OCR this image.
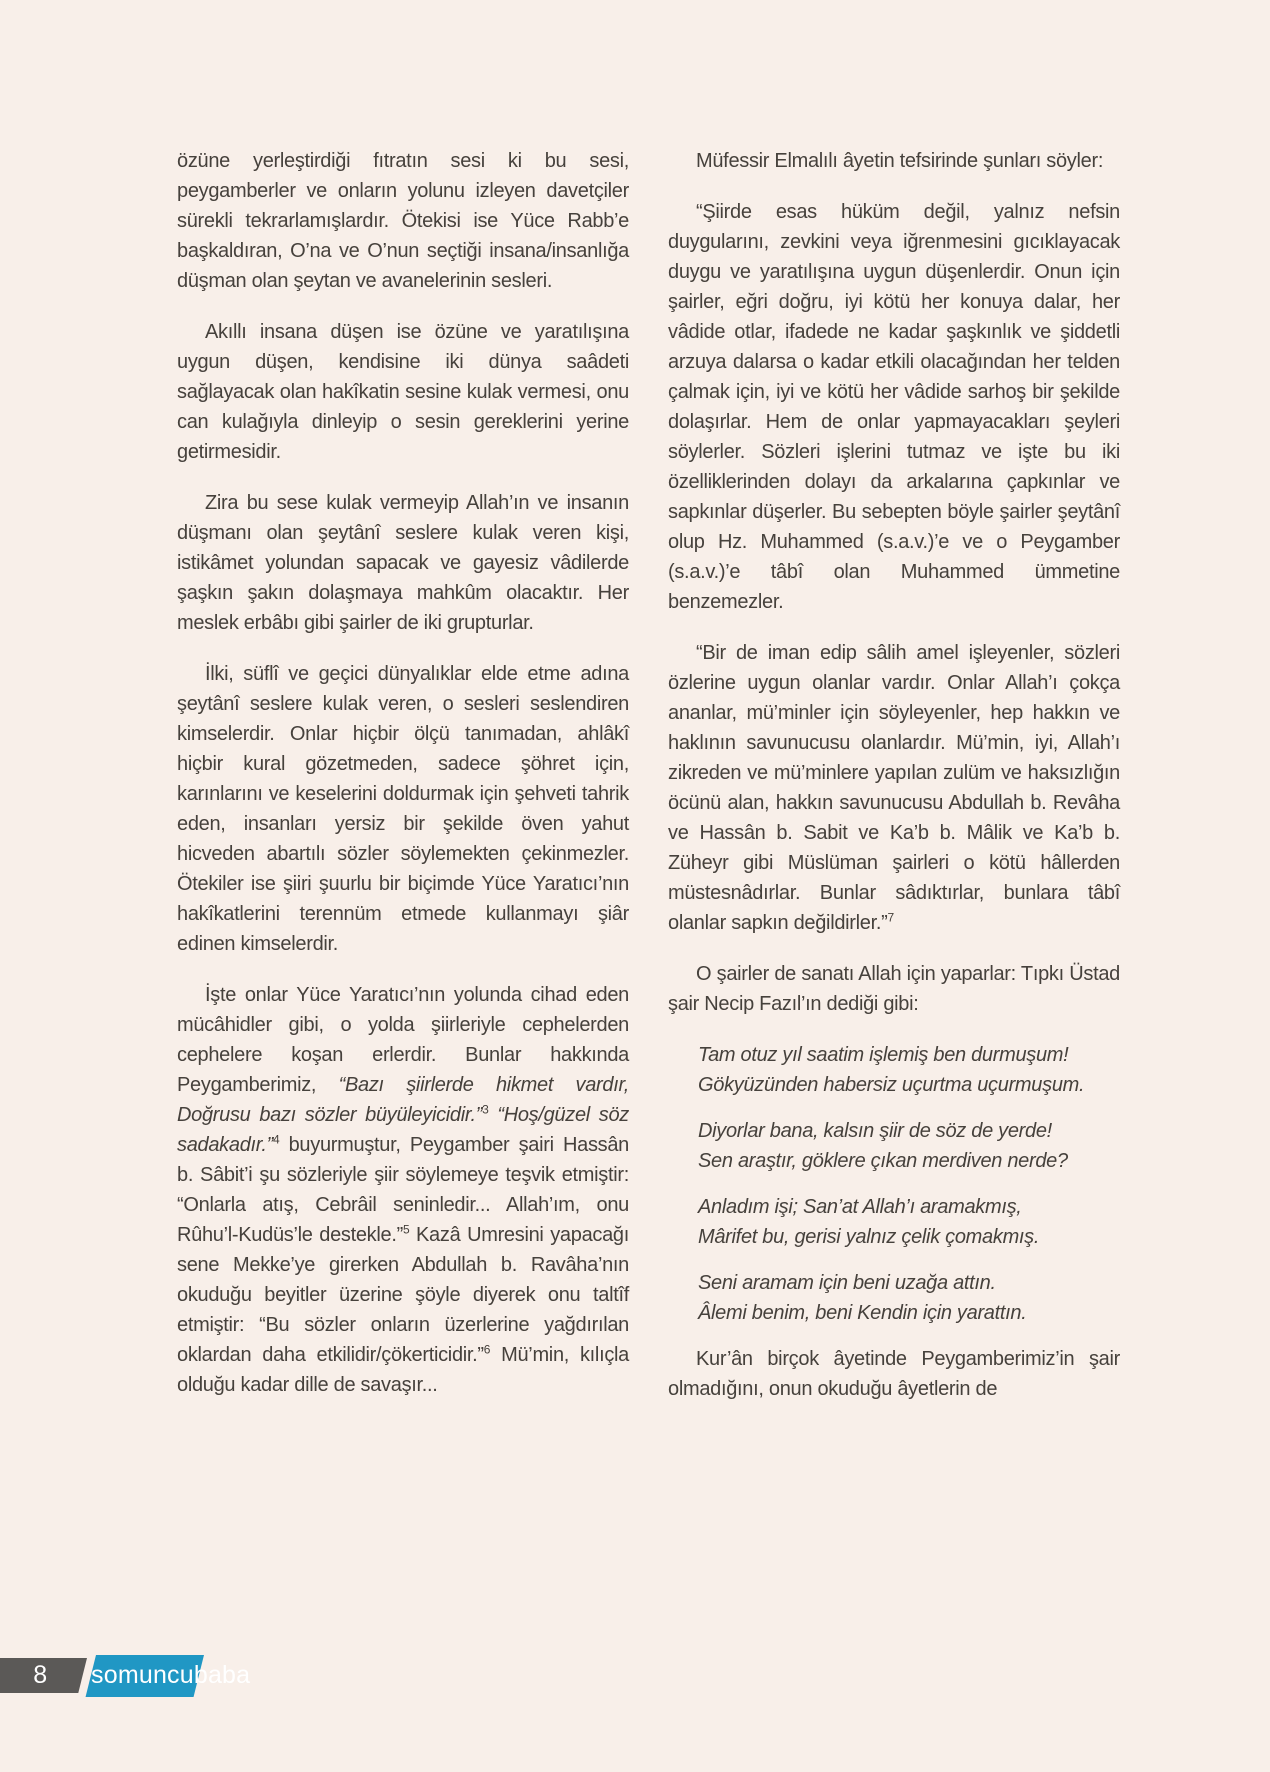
özüne yerleştirdiği fıtratın sesi ki bu sesi, peygamberler ve onların yolunu izleyen davetçiler sürekli tekrarlamışlardır. Ötekisi ise Yüce Rabb’e başkaldıran, O’na ve O’nun seçtiği insana/insanlığa düşman olan şeytan ve avanelerinin sesleri.

Akıllı insana düşen ise özüne ve yaratılışına uygun düşen, kendisine iki dünya saâdeti sağlayacak olan hakîkatin sesine kulak vermesi, onu can kulağıyla dinleyip o sesin gereklerini yerine getirmesidir.

Zira bu sese kulak vermeyip Allah’ın ve insanın düşmanı olan şeytânî seslere kulak veren kişi, istikâmet yolundan sapacak ve gayesiz vâdilerde şaşkın şakın dolaşmaya mahkûm olacaktır. Her meslek erbâbı gibi şairler de iki grupturlar.

İlki, süflî ve geçici dünyalıklar elde etme adına şeytânî seslere kulak veren, o sesleri seslendiren kimselerdir. Onlar hiçbir ölçü tanımadan, ahlâkî hiçbir kural gözetmeden, sadece şöhret için, karınlarını ve keselerini doldurmak için şehveti tahrik eden, insanları yersiz bir şekilde öven yahut hicveden abartılı sözler söylemekten çekinmezler. Ötekiler ise şiiri şuurlu bir biçimde Yüce Yaratıcı’nın hakîkatlerini terennüm etmede kullanmayı şiâr edinen kimselerdir.

İşte onlar Yüce Yaratıcı’nın yolunda cihad eden mücâhidler gibi, o yolda şiirleriyle cephelerden cephelere koşan erlerdir. Bunlar hakkında Peygamberimiz, “Bazı şiirlerde hikmet vardır, Doğrusu bazı sözler büyüleyicidir.”$^3$ “Hoş/güzel söz sadakadır.”$^4$ buyurmuştur, Peygamber şairi Hassân b. Sâbit’i şu sözleriyle şiir söylemeye teşvik etmiştir: “Onlarla atış, Cebrâil seninledir... Allah’ım, onu Rûhu’l-Kudüs’le destekle.”$^5$ Kazâ Umresini yapacağı sene Mekke’ye girerken Abdullah b. Ravâha’nın okuduğu beyitler üzerine şöyle diyerek onu taltîf etmiştir: “Bu sözler onların üzerlerine yağdırılan oklardan daha etkilidir/çökerticidir.”$^6$ Mü’min, kılıçla olduğu kadar dille de savaşır...

Müfessir Elmalılı âyetin tefsirinde şunları söyler:

“Şiirde esas hüküm değil, yalnız nefsin duygularını, zevkini veya iğrenmesini gıcıklayacak duygu ve yaratılışına uygun düşenlerdir. Onun için şairler, eğri doğru, iyi kötü her konuya dalar, her vâdide otlar, ifadede ne kadar şaşkınlık ve şiddetli arzuya dalarsa o kadar etkili olacağından her telden çalmak için, iyi ve kötü her vâdide sarhoş bir şekilde dolaşırlar. Hem de onlar yapmayacakları şeyleri söylerler. Sözleri işlerini tutmaz ve işte bu iki özelliklerinden dolayı da arkalarına çapkınlar ve sapkınlar düşerler. Bu sebepten böyle şairler şeytânî olup Hz. Muhammed (s.a.v.)’e ve o Peygamber (s.a.v.)’e tâbî olan Muhammed ümmetine benzemezler.

“Bir de iman edip sâlih amel işleyenler, sözleri özlerine uygun olanlar vardır. Onlar Allah’ı çokça ananlar, mü’minler için söyleyenler, hep hakkın ve haklının savunucusu olanlardır. Mü’min, iyi, Allah’ı zikreden ve mü’minlere yapılan zulüm ve haksızlığın öcünü alan, hakkın savunucusu Abdullah b. Revâha ve Hassân b. Sabit ve Ka’b b. Mâlik ve Ka’b b. Züheyr gibi Müslüman şairleri o kötü hâllerden müstesnâdırlar. Bunlar sâdıktırlar, bunlara tâbî olanlar sapkın değildirler.”$^7$

O şairler de sanatı Allah için yaparlar: Tıpkı Üstad şair Necip Fazıl’ın dediği gibi:

Tam otuz yıl saatim işlemiş ben durmuşum!
Gökyüzünden habersiz uçurtma uçurmuşum.
Diyorlar bana, kalsın şiir de söz de yerde!
Sen araştır, göklere çıkan merdiven nerde?
Anladım işi; San’at Allah’ı aramakmış,
Mârifet bu, gerisi yalnız çelik çomakmış.
Seni aramam için beni uzağa attın.
Âlemi benim, beni Kendin için yarattın.

Kur’ân birçok âyetinde Peygamberimiz’in şair olmadığını, onun okuduğu âyetlerin de

8	somuncubaba
